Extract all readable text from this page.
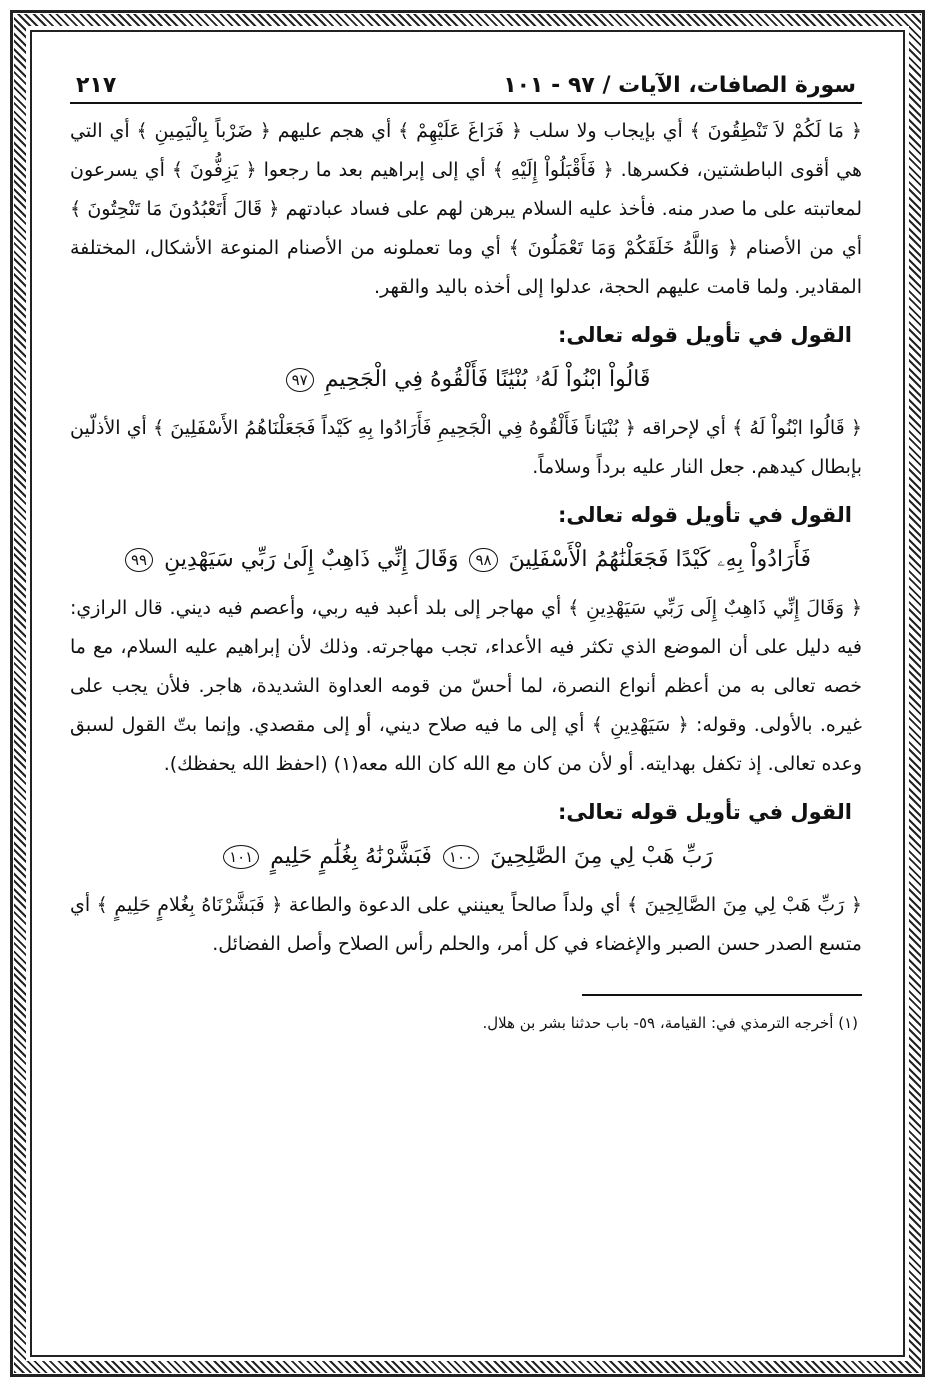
سورة الصافات، الآيات / ٩٧ - ١٠١
٢١٧

﴿ مَا لَكُمْ لاَ تَنْطِقُونَ ﴾ أي بإيجاب ولا سلب ﴿ فَرَاغَ عَلَيْهِمْ ﴾ أي هجم عليهم ﴿ ضَرْباً بِالْيَمِينِ ﴾ أي التي هي أقوى الباطشتين، فكسرها. ﴿ فَأَقْبَلُواْ إِلَيْهِ ﴾ أي إلى إبراهيم بعد ما رجعوا ﴿ يَزِفُّونَ ﴾ أي يسرعون لمعاتبته على ما صدر منه. فأخذ عليه السلام يبرهن لهم على فساد عبادتهم ﴿ قَالَ أَتَعْبُدُونَ مَا تَنْحِتُونَ ﴾ أي من الأصنام ﴿ وَاللَّهُ خَلَقَكُمْ وَمَا تَعْمَلُونَ ﴾ أي وما تعملونه من الأصنام المنوعة الأشكال، المختلفة المقادير. ولما قامت عليهم الحجة، عدلوا إلى أخذه باليد والقهر.

القول في تأويل قوله تعالى:
قَالُواْ ابْنُواْ لَهُۥ بُنْيَٰنًا فَأَلْقُوهُ فِي الْجَحِيمِ ٩٧

﴿ قَالُوا ابْنُواْ لَهُ ﴾ أي لإحراقه ﴿ بُنْيَاناً فَأَلْقُوهُ فِي الْجَحِيمِ فَأَرَادُوا بِهِ كَيْداً فَجَعَلْنَاهُمُ الأَسْفَلِينَ ﴾ أي الأذلّين بإبطال كيدهم. جعل النار عليه برداً وسلاماً.

القول في تأويل قوله تعالى:
فَأَرَادُواْ بِهِۦ كَيْدًا فَجَعَلْنَٰهُمُ الْأَسْفَلِينَ ٩٨ وَقَالَ إِنِّي ذَاهِبٌ إِلَىٰ رَبِّي سَيَهْدِينِ ٩٩

﴿ وَقَالَ إِنِّي ذَاهِبٌ إِلَى رَبِّي سَيَهْدِينِ ﴾ أي مهاجر إلى بلد أعبد فيه ربي، وأعصم فيه ديني. قال الرازي: فيه دليل على أن الموضع الذي تكثر فيه الأعداء، تجب مهاجرته. وذلك لأن إبراهيم عليه السلام، مع ما خصه تعالى به من أعظم أنواع النصرة، لما أحسّ من قومه العداوة الشديدة، هاجر. فلأن يجب على غيره. بالأولى. وقوله: ﴿ سَيَهْدِينِ ﴾ أي إلى ما فيه صلاح ديني، أو إلى مقصدي. وإنما بتّ القول لسبق وعده تعالى. إذ تكفل بهدايته. أو لأن من كان مع الله كان الله معه(١) (احفظ الله يحفظك).

القول في تأويل قوله تعالى:
رَبِّ هَبْ لِي مِنَ الصَّٰلِحِينَ ١٠٠ فَبَشَّرْنَٰهُ بِغُلَٰمٍ حَلِيمٍ ١٠١

﴿ رَبِّ هَبْ لِي مِنَ الصَّالِحِينَ ﴾ أي ولداً صالحاً يعينني على الدعوة والطاعة ﴿ فَبَشَّرْنَاهُ بِغُلامٍ حَلِيمٍ ﴾ أي متسع الصدر حسن الصبر والإغضاء في كل أمر، والحلم رأس الصلاح وأصل الفضائل.

(١) أخرجه الترمذي في: القيامة، ٥٩- باب حدثنا بشر بن هلال.
